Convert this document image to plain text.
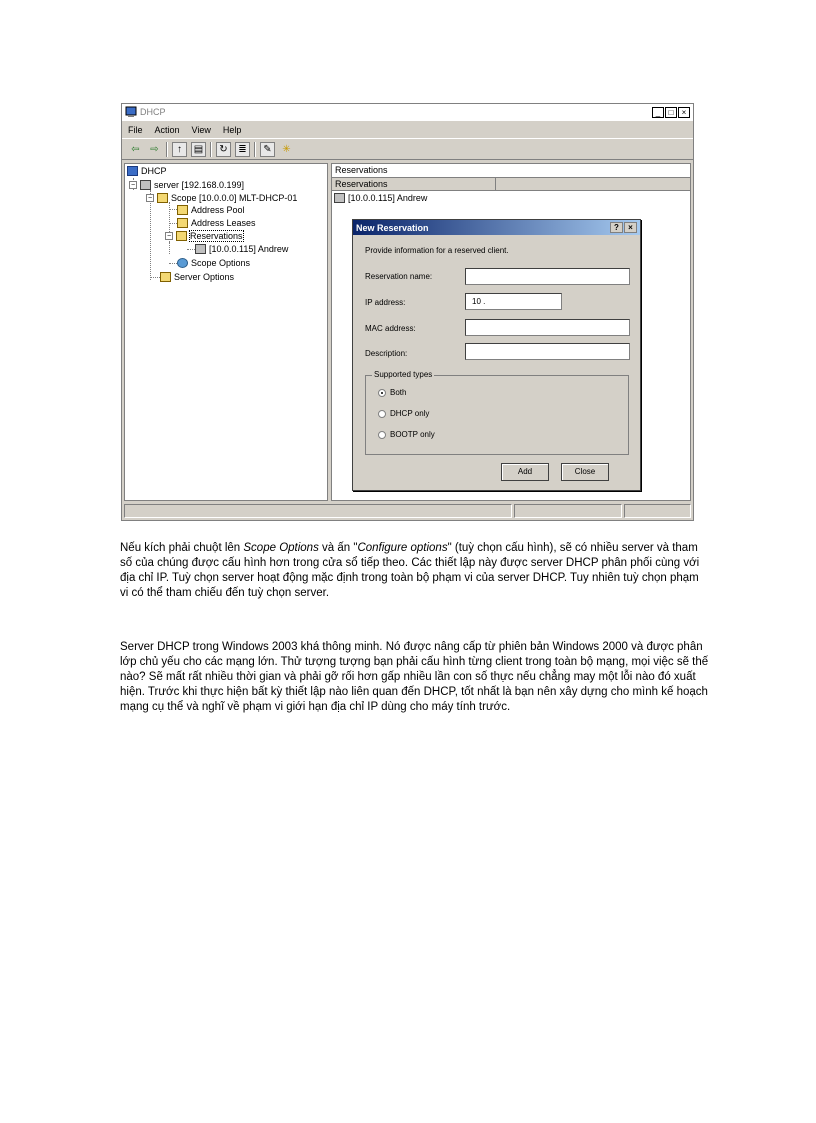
DHCP	_	□	×
File Action View Help
⇦	⇨	↑	▤	↻	≣	✎	✳
DHCP
− server [192.168.0.199]
− Scope [10.0.0.0] MLT-DHCP-01
Address Pool
Address Leases
− Reservations
[10.0.0.115] Andrew
Scope Options
Server Options
Reservations
Reservations
[10.0.0.115] Andrew
New Reservation	?	×
Provide information for a reserved client.
Reservation name:
IP address:	10 .
MAC address:
Description:
Supported types
Both
DHCP only
BOOTP only
Add	Close

Nếu kích phải chuột lên Scope Options và ấn "Configure options" (tuỳ chọn cấu hình), sẽ có nhiều server và tham số của chúng được cấu hình hơn trong cửa sổ tiếp theo. Các thiết lập này được server DHCP phân phối cùng với địa chỉ IP. Tuỳ chọn server hoạt động mặc định trong toàn bộ phạm vi của server DHCP. Tuy nhiên tuỳ chọn phạm vi có thể tham chiếu đến tuỳ chọn server.

Server DHCP trong Windows 2003 khá thông minh. Nó được nâng cấp từ phiên bản Windows 2000 và được phân lớp chủ yếu cho các mạng lớn. Thử tượng tượng bạn phải cấu hình từng client trong toàn bộ mạng, mọi việc sẽ thế nào? Sẽ mất rất nhiều thời gian và phải gỡ rối hơn gấp nhiều lần con số thực nếu chẳng may một lỗi nào đó xuất hiện. Trước khi thực hiện bất kỳ thiết lập nào liên quan đến DHCP, tốt nhất là bạn nên xây dựng cho mình kế hoạch mạng cụ thể và nghĩ về phạm vi giới hạn địa chỉ IP dùng cho máy tính trước.
